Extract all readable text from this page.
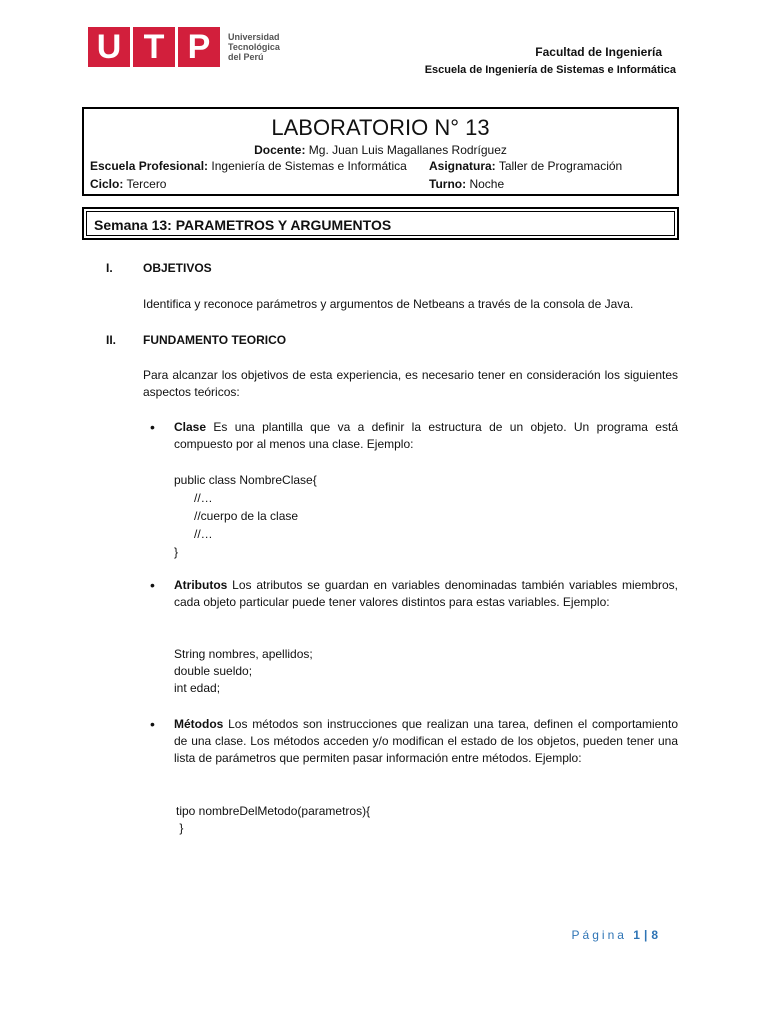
U T P	Universidad
Tecnológica
del Perú	Facultad de Ingeniería
Escuela de Ingeniería de Sistemas e Informática
LABORATORIO N° 13
Docente: Mg. Juan Luis Magallanes Rodríguez
Escuela Profesional: Ingeniería de Sistemas e Informática Asignatura: Taller de Programación
Ciclo: Tercero	Turno: Noche
Semana 13: PARAMETROS Y ARGUMENTOS
I.	OBJETIVOS
Identifica y reconoce parámetros y argumentos de Netbeans a través de la consola de Java.
II. FUNDAMENTO TEORICO
Para alcanzar los objetivos de esta experiencia, es necesario tener en consideración los siguientes aspectos teóricos:
• Clase Es una plantilla que va a definir la estructura de un objeto. Un programa está compuesto por al menos una clase. Ejemplo:
public class NombreClase{
//…
//cuerpo de la clase
//…
}
• Atributos Los atributos se guardan en variables denominadas también variables miembros, cada objeto particular puede tener valores distintos para estas variables. Ejemplo:
String nombres, apellidos;
double sueldo;
int edad;
• Métodos Los métodos son instrucciones que realizan una tarea, definen el comportamiento de una clase. Los métodos acceden y/o modifican el estado de los objetos, pueden tener una lista de parámetros que permiten pasar información entre métodos. Ejemplo:
tipo nombreDelMetodo(parametros){
}
Página 1 | 8
